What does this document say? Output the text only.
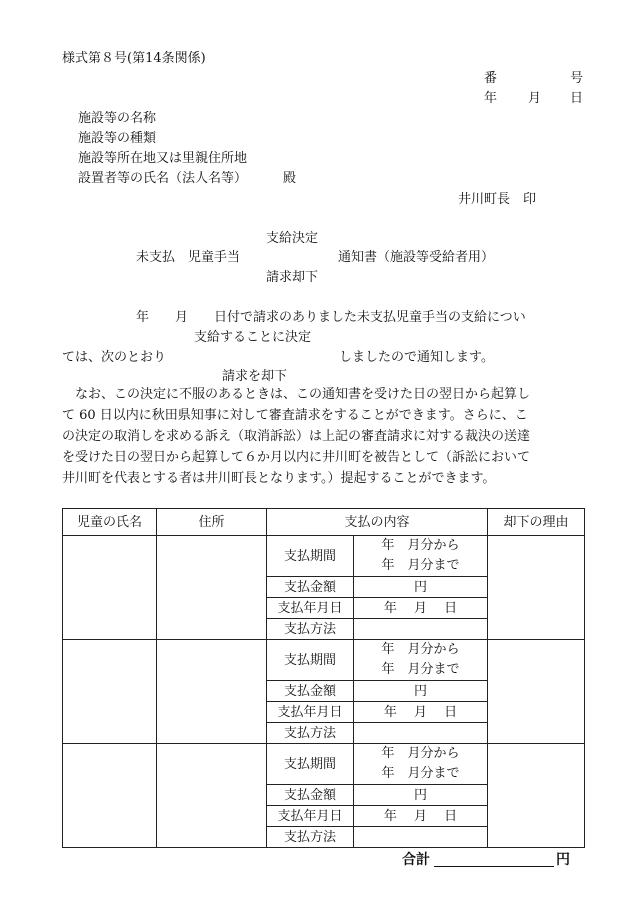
様式第８号(第14条関係)
番	号
年 月 日
施設等の名称
施設等の種類
施設等所在地又は里親住所地
設置者等の氏名（法人名等）	殿
井川町長　印
支給決定
未支払　児童手当	通知書（施設等受給者用）
請求却下
年　　月　　日付で請求のありました未支払児童手当の支給につい
支給することに決定
ては、次のとおり	しましたので通知します。
請求を却下
なお、この決定に不服のあるときは、この通知書を受けた日の翌日から起算し
て 60 日以内に秋田県知事に対して審査請求をすることができます。さらに、こ
の決定の取消しを求める訴え（取消訴訟）は上記の審査請求に対する裁決の送達
を受けた日の翌日から起算して６か月以内に井川町を被告として（訴訟において
井川町を代表とする者は井川町長となります。）提起することができます。
児童の氏名	住所	支払の内容		却下の理由
		支払期間	年　月分から
年　月分まで	

		支払金額	円	
		支払年月日	年　 月　 日	
		支払方法		
		支払期間	年　月分から
年　月分まで	

		支払金額	円	
		支払年月日	年　 月　 日	
		支払方法		
		支払期間	年　月分から
年　月分まで	

		支払金額	円	
		支払年月日	年　 月　 日	
		支払方法		
合計	円
